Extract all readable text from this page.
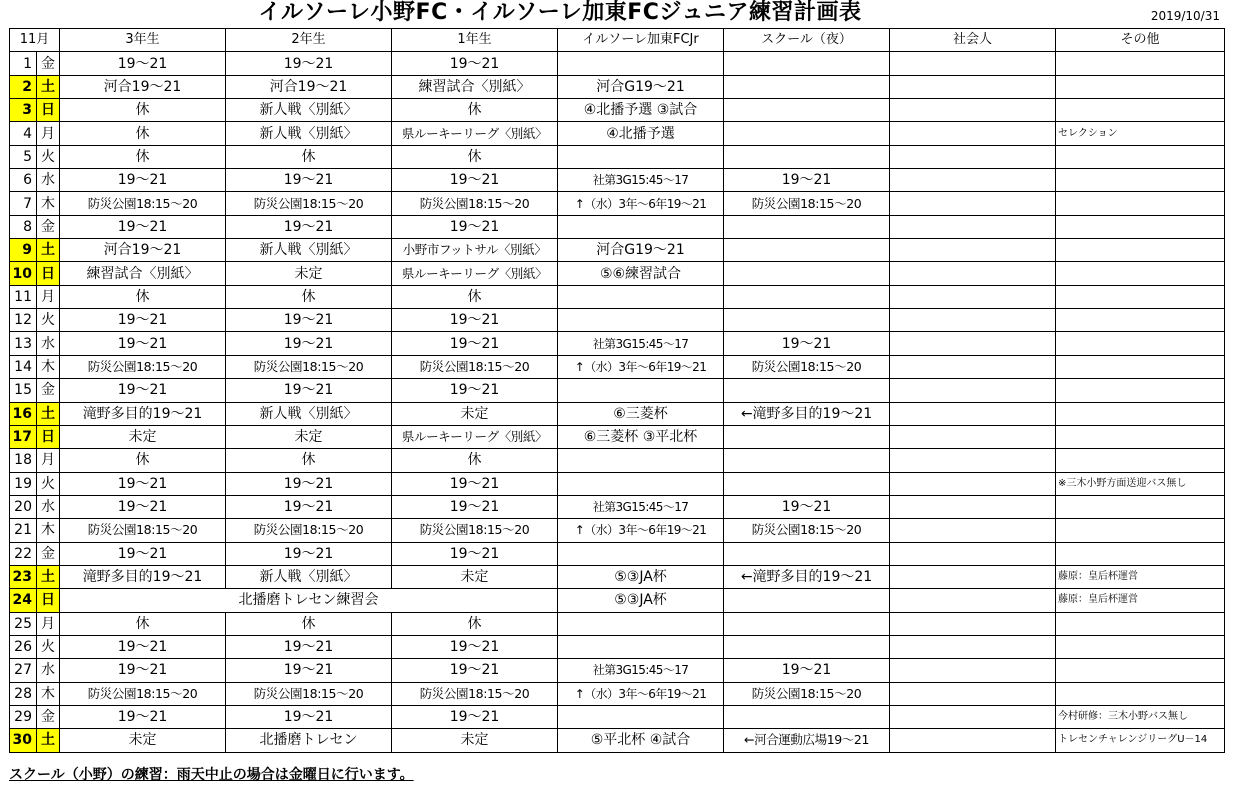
イルソーレ小野FC・イルソーレ加東FCジュニア練習計画表	2019/10/31
11月		3年生	2年生	1年生	イルソーレ加東FCJr	スクール（夜）	社会人	その他
1	金	19～21	19～21	19～21				
2	土	河合19～21	河合19～21	練習試合〈別紙〉	河合G19～21			
3	日	休	新人戦〈別紙〉	休	④北播予選 ③試合			
4	月	休	新人戦〈別紙〉	県ルーキーリーグ〈別紙〉	④北播予選			セレクション
5	火	休	休	休				
6	水	19～21	19～21	19～21	社第3G15:45～17	19～21		
7	木	防災公園18:15～20	防災公園18:15～20	防災公園18:15～20	↑（水）3年～6年19～21	防災公園18:15～20		
8	金	19～21	19～21	19～21				
9	土	河合19～21	新人戦〈別紙〉	小野市フットサル〈別紙〉	河合G19～21			
10	日	練習試合〈別紙〉	未定	県ルーキーリーグ〈別紙〉	⑤⑥練習試合			
11	月	休	休	休				
12	火	19～21	19～21	19～21				
13	水	19～21	19～21	19～21	社第3G15:45～17	19～21		
14	木	防災公園18:15～20	防災公園18:15～20	防災公園18:15～20	↑（水）3年～6年19～21	防災公園18:15～20		
15	金	19～21	19～21	19～21				
16	土	滝野多目的19～21	新人戦〈別紙〉	未定	⑥三菱杯	←滝野多目的19～21		
17	日	未定	未定	県ルーキーリーグ〈別紙〉	⑥三菱杯 ③平北杯			
18	月	休	休	休				
19	火	19～21	19～21	19～21				※三木小野方面送迎バス無し
20	水	19～21	19～21	19～21	社第3G15:45～17	19～21		
21	木	防災公園18:15～20	防災公園18:15～20	防災公園18:15～20	↑（水）3年～6年19～21	防災公園18:15～20		
22	金	19～21	19～21	19～21				
23	土	滝野多目的19～21	新人戦〈別紙〉	未定	⑤③JA杯	←滝野多目的19～21		藤原：皇后杯運営
24	日	北播磨トレセン練習会			⑤③JA杯			藤原：皇后杯運営
25	月	休	休	休				
26	火	19～21	19～21	19～21				
27	水	19～21	19～21	19～21	社第3G15:45～17	19～21		
28	木	防災公園18:15～20	防災公園18:15～20	防災公園18:15～20	↑（水）3年～6年19～21	防災公園18:15～20		
29	金	19～21	19～21	19～21				今村研修：三木小野バス無し
30	土	未定	北播磨トレセン	未定	⑤平北杯 ④試合	←河合運動広場19～21		トレセンチャレンジリーグU－14
スクール（小野）の練習：雨天中止の場合は金曜日に行います。
